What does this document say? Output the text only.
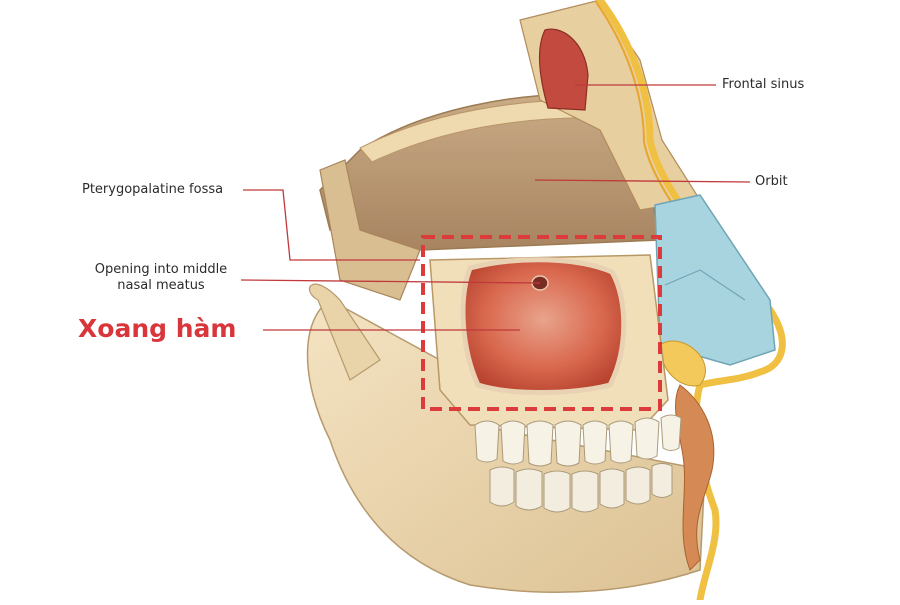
Frontal sinus
Orbit
Pterygopalatine fossa
Opening into middle
nasal meatus
Xoang hàm
